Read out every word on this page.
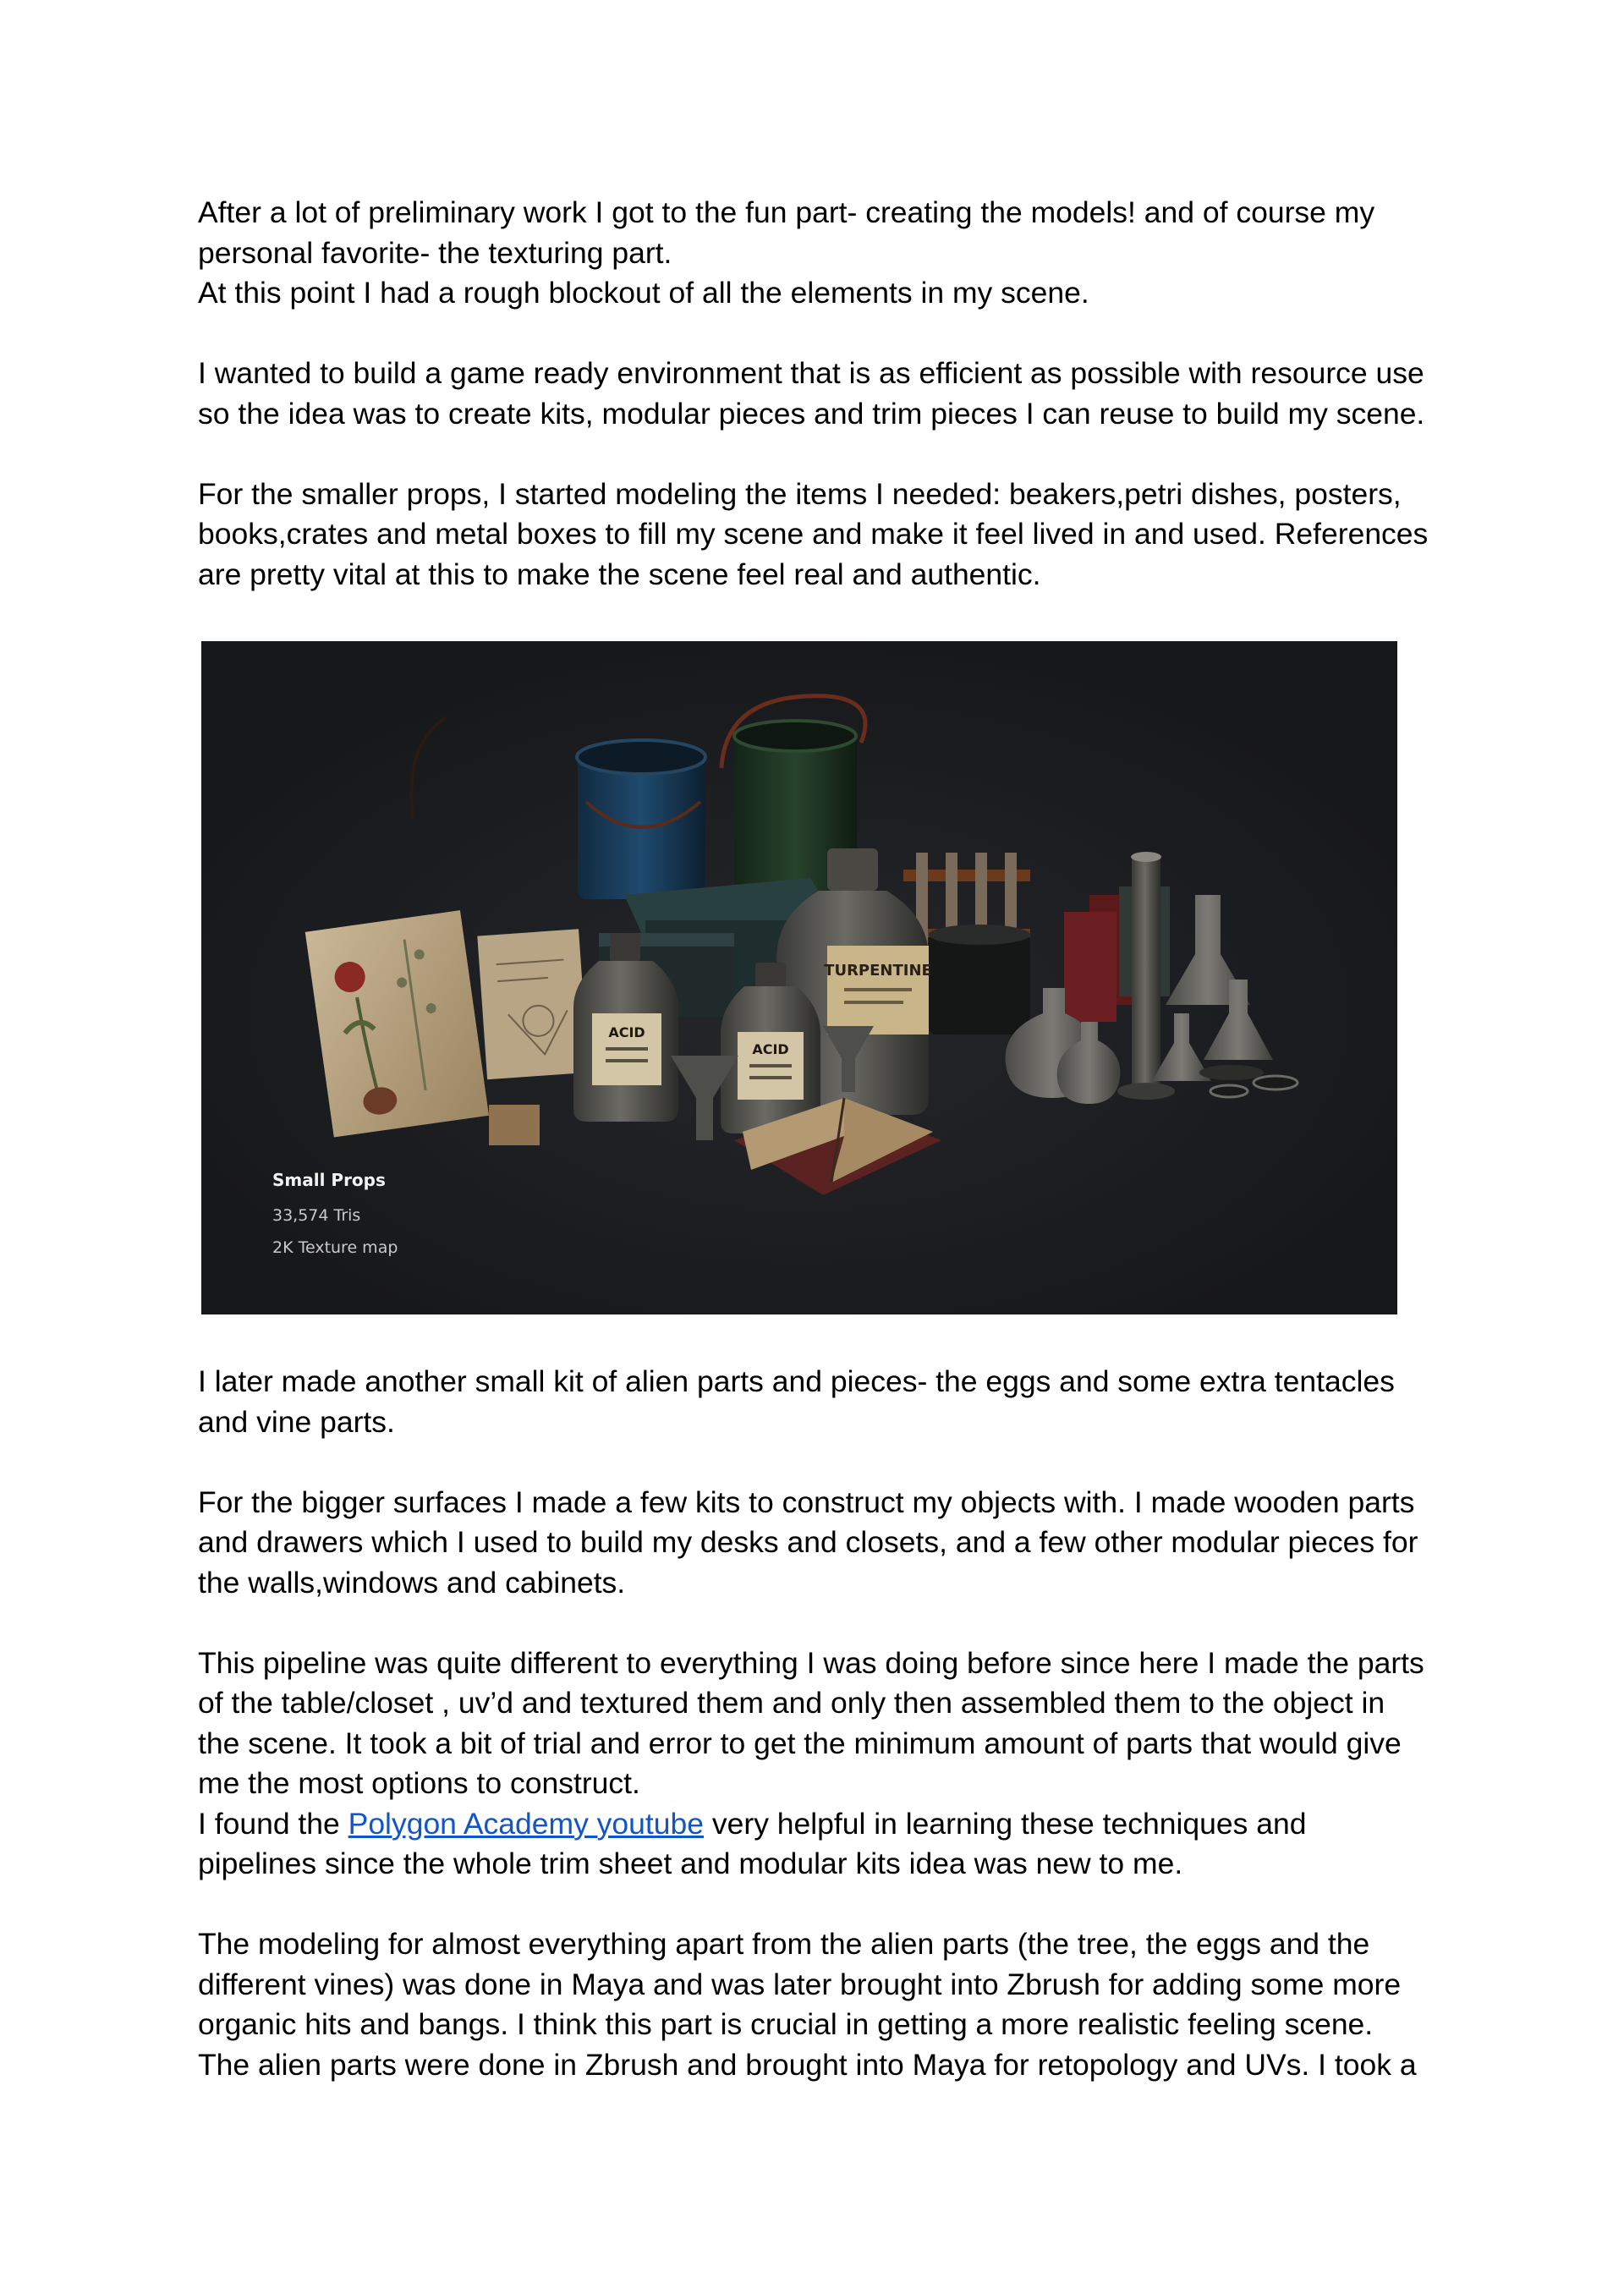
After a lot of preliminary work I got to the fun part- creating the models! and of course my

personal favorite- the texturing part.

At this point I had a rough blockout of all the elements in my scene.

I wanted to build a game ready environment that is as efficient as possible with resource use

so the idea was to create kits, modular pieces and trim pieces I can reuse to build my scene.

For the smaller props, I started modeling the items I needed: beakers,petri dishes, posters,

books,crates and metal boxes to fill my scene and make it feel lived in and used. References

are pretty vital at this to make the scene feel real and authentic.

TURPENTINE
ACID
ACID
Small Props
33,574 Tris
2K Texture map

I later made another small kit of alien parts and pieces- the eggs and some extra tentacles

and vine parts.

For the bigger surfaces I made a few kits to construct my objects with. I made wooden parts

and drawers which I used to build my desks and closets, and a few other modular pieces for

the walls,windows and cabinets.

This pipeline was quite different to everything I was doing before since here I made the parts

of the table/closet , uv’d and textured them and only then assembled them to the object in

the scene. It took a bit of trial and error to get the minimum amount of parts that would give

me the most options to construct.

I found the Polygon Academy youtube very helpful in learning these techniques and

pipelines since the whole trim sheet and modular kits idea was new to me.

The modeling for almost everything apart from the alien parts (the tree, the eggs and the

different vines) was done in Maya and was later brought into Zbrush for adding some more

organic hits and bangs. I think this part is crucial in getting a more realistic feeling scene.

The alien parts were done in Zbrush and brought into Maya for retopology and UVs. I took a
